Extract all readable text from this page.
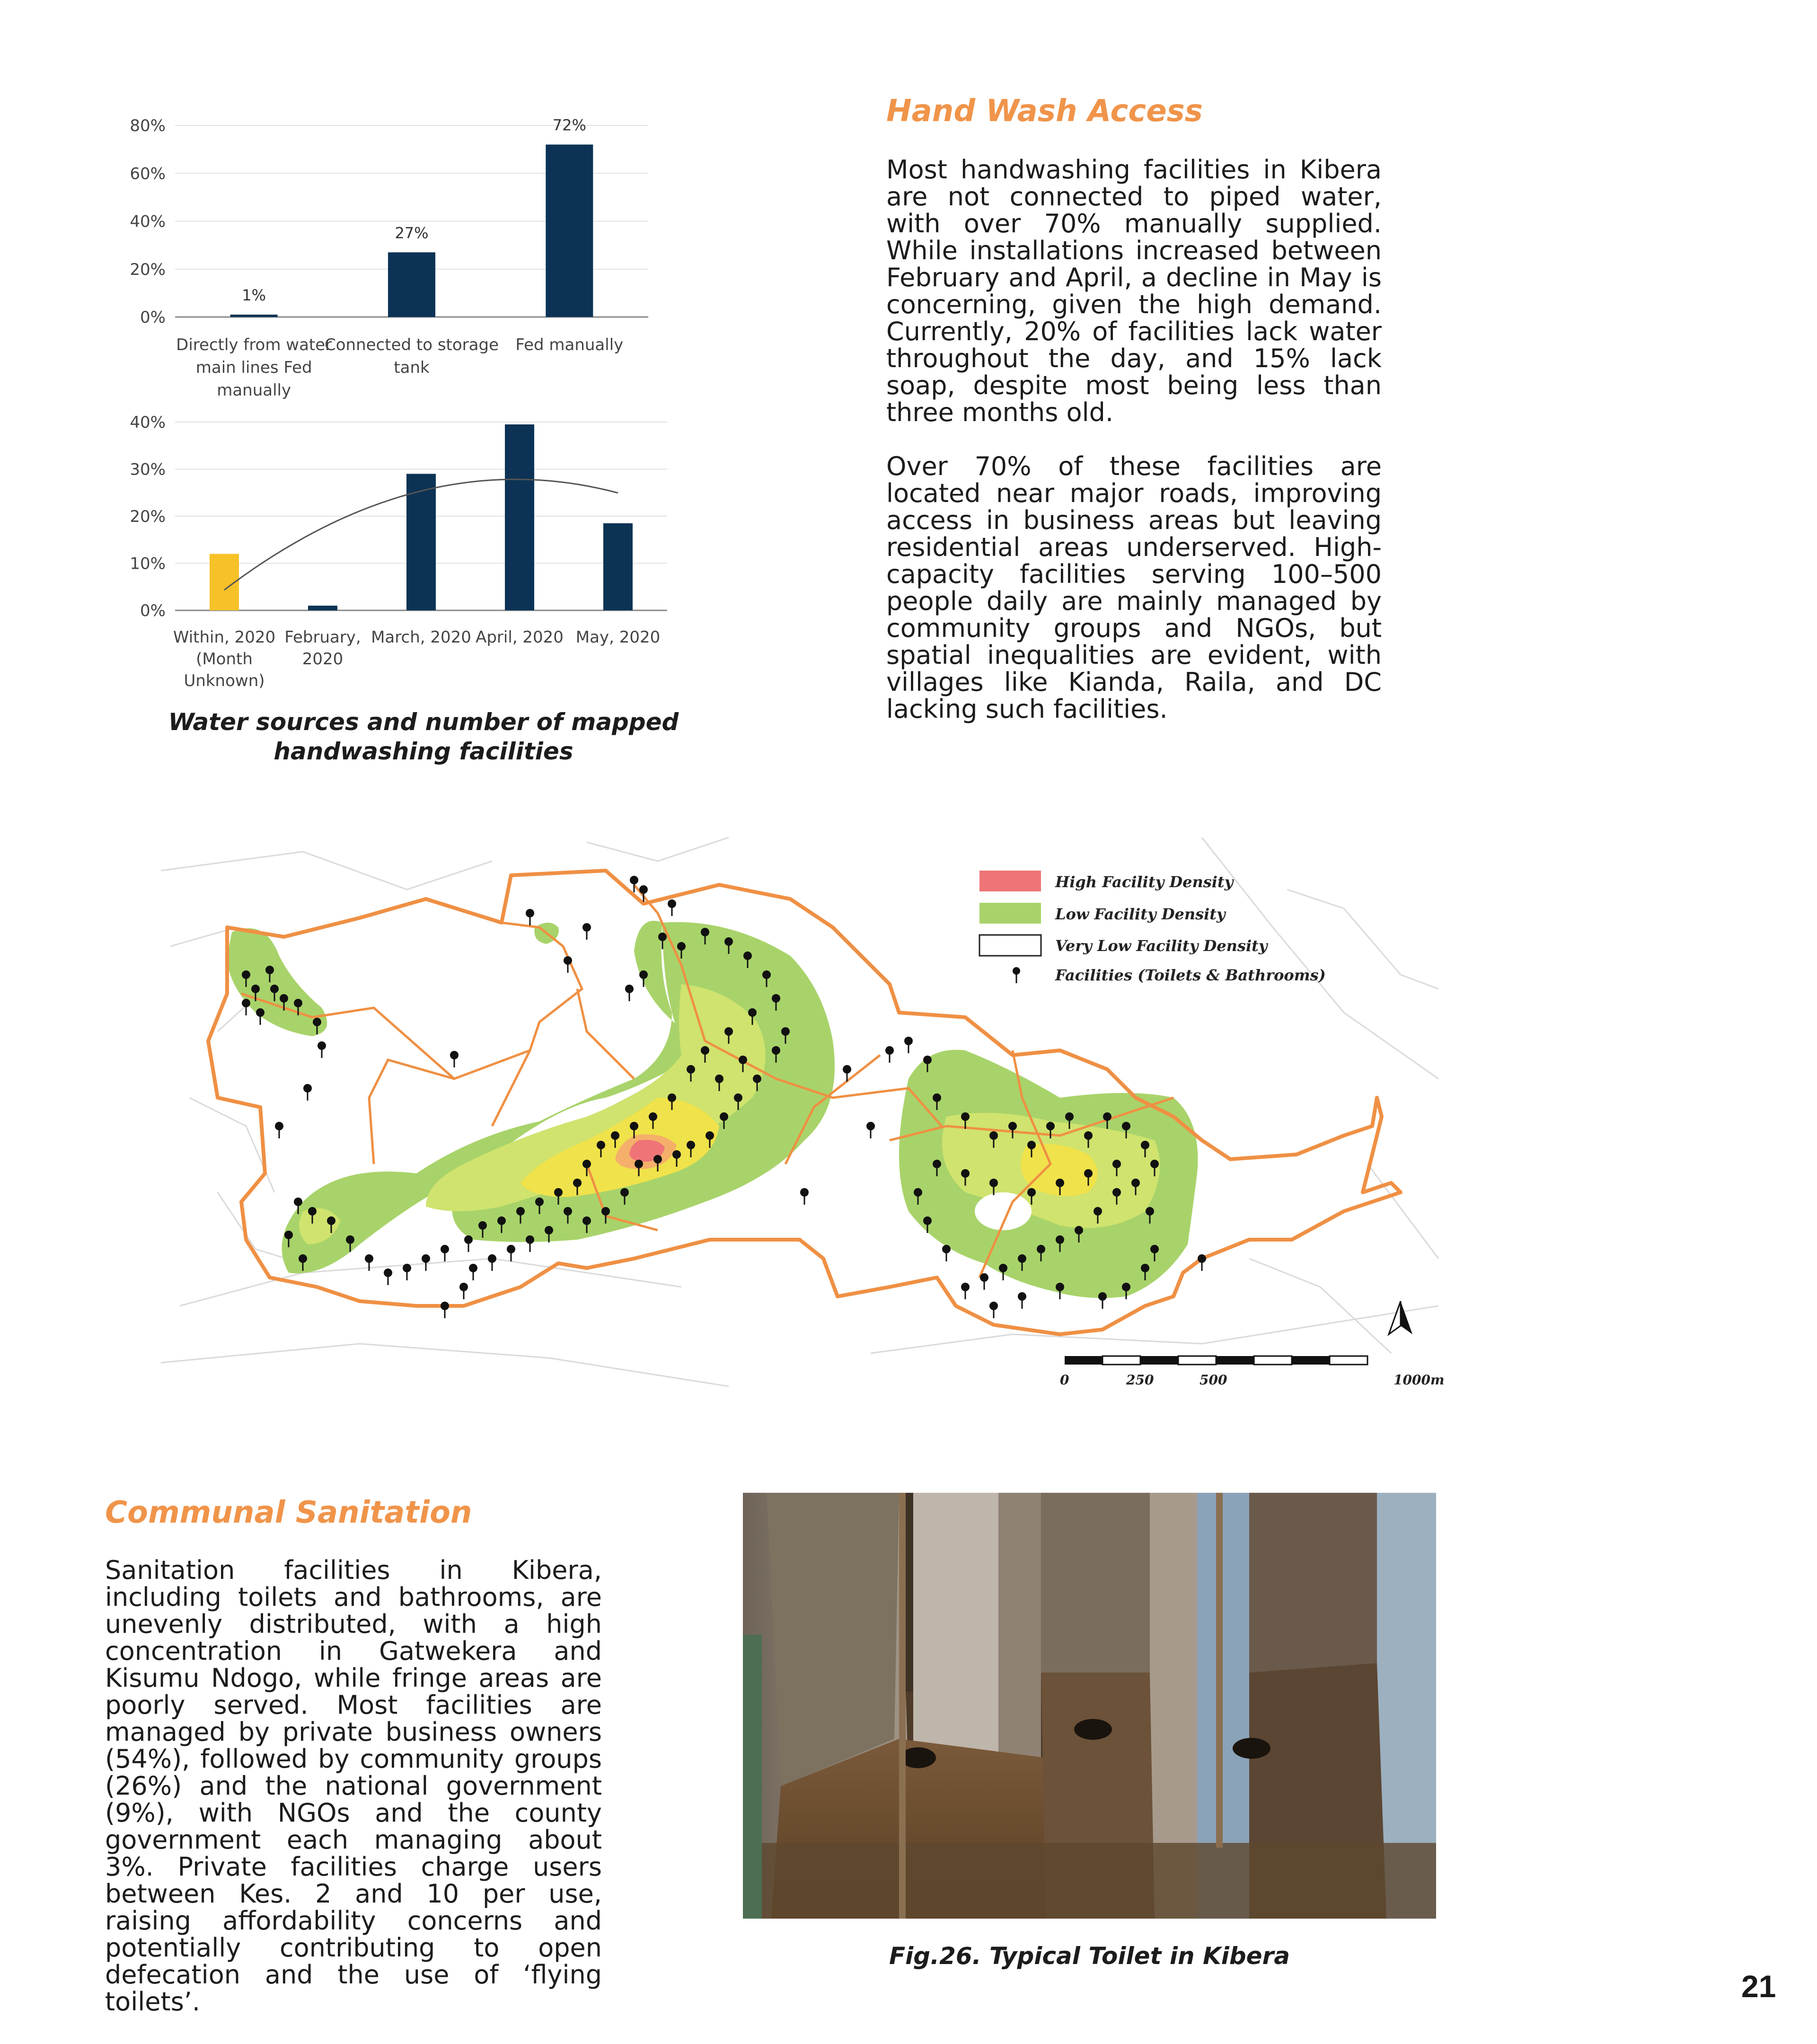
0%
20%
40%
60%
80%
1%
Directly from water
main lines Fed
manually
27%
Connected to storage
tank
72%
Fed manually
0%
10%
20%
30%
40%
Within, 2020
(Month
Unknown)
February,
2020
March, 2020 April, 2020 May, 2020
Water sources and number of mapped handwashing facilities
Hand Wash Access

Most handwashing facilities in Kibera are not connected to piped water, with over 70% manually supplied. While installations increased between February and April, a decline in May is concerning, given the high demand. Currently, 20% of facilities lack water throughout the day, and 15% lack soap, despite most being less than three months old.

Over 70% of these facilities are located near major roads, improving access in business areas but leaving residential areas underserved. High-capacity facilities serving 100–500 people daily are mainly managed by community groups and NGOs, but spatial inequalities are evident, with villages like Kianda, Raila, and DC lacking such facilities.

High Facility Density
Low Facility Density
Very Low Facility Density
Facilities (Toilets & Bathrooms)
0	250	500	1000m
Communal Sanitation
Sanitation facilities in Kibera, including toilets and bathrooms, are unevenly distributed, with a high concentration in Gatwekera and Kisumu Ndogo, while fringe areas are poorly served. Most facilities are managed by private business owners (54%), followed by community groups (26%) and the national government (9%), with NGOs and the county government each managing about 3%. Private facilities charge users between Kes. 2 and 10 per use, raising affordability concerns and potentially contributing to open defecation and the use of ‘flying toilets’.
Fig.26. Typical Toilet in Kibera
21
